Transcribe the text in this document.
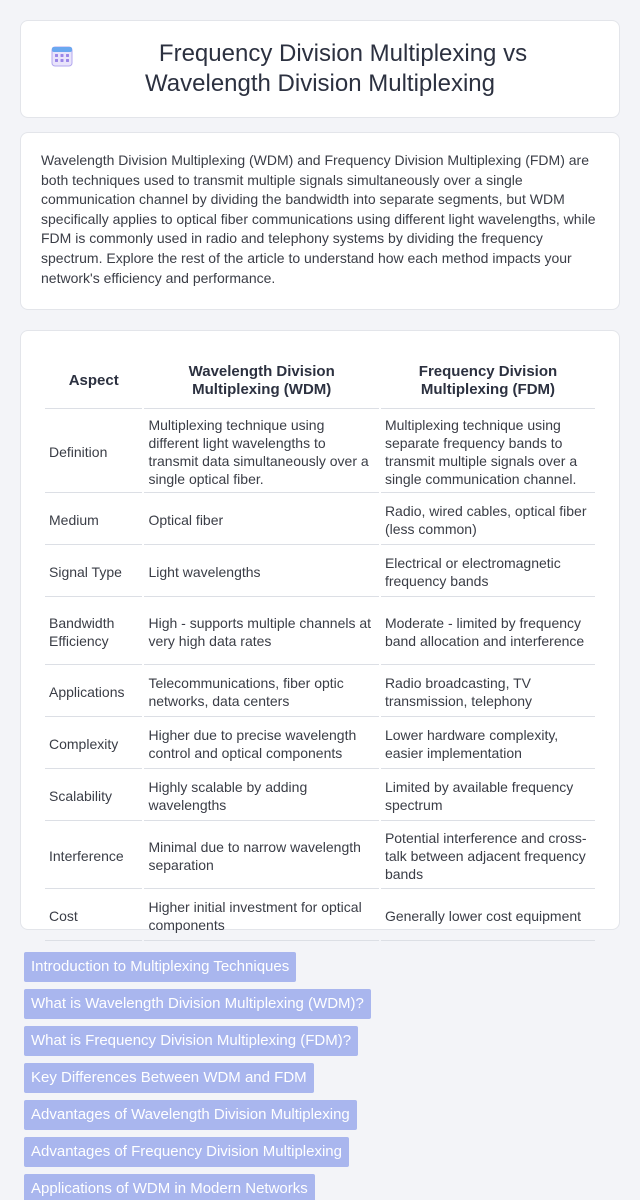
Frequency Division Multiplexing vs Wavelength Division Multiplexing

Wavelength Division Multiplexing (WDM) and Frequency Division Multiplexing (FDM) are both techniques used to transmit multiple signals simultaneously over a single communication channel by dividing the bandwidth into separate segments, but WDM specifically applies to optical fiber communications using different light wavelengths, while FDM is commonly used in radio and telephony systems by dividing the frequency spectrum. Explore the rest of the article to understand how each method impacts your network's efficiency and performance.

Aspect	Wavelength Division Multiplexing (WDM)	Frequency Division Multiplexing (FDM)
Definition	Multiplexing technique using different light wavelengths to transmit data simultaneously over a single optical fiber.	Multiplexing technique using separate frequency bands to transmit multiple signals over a single communication channel.
Medium	Optical fiber	Radio, wired cables, optical fiber (less common)
Signal Type	Light wavelengths	Electrical or electromagnetic frequency bands
Bandwidth Efficiency	High - supports multiple channels at very high data rates	Moderate - limited by frequency band allocation and interference
Applications	Telecommunications, fiber optic networks, data centers	Radio broadcasting, TV transmission, telephony
Complexity	Higher due to precise wavelength control and optical components	Lower hardware complexity, easier implementation
Scalability	Highly scalable by adding wavelengths	Limited by available frequency spectrum
Interference	Minimal due to narrow wavelength separation	Potential interference and cross-talk between adjacent frequency bands
Cost	Higher initial investment for optical components	Generally lower cost equipment
Introduction to Multiplexing Techniques
What is Wavelength Division Multiplexing (WDM)?
What is Frequency Division Multiplexing (FDM)?
Key Differences Between WDM and FDM
Advantages of Wavelength Division Multiplexing
Advantages of Frequency Division Multiplexing
Applications of WDM in Modern Networks
